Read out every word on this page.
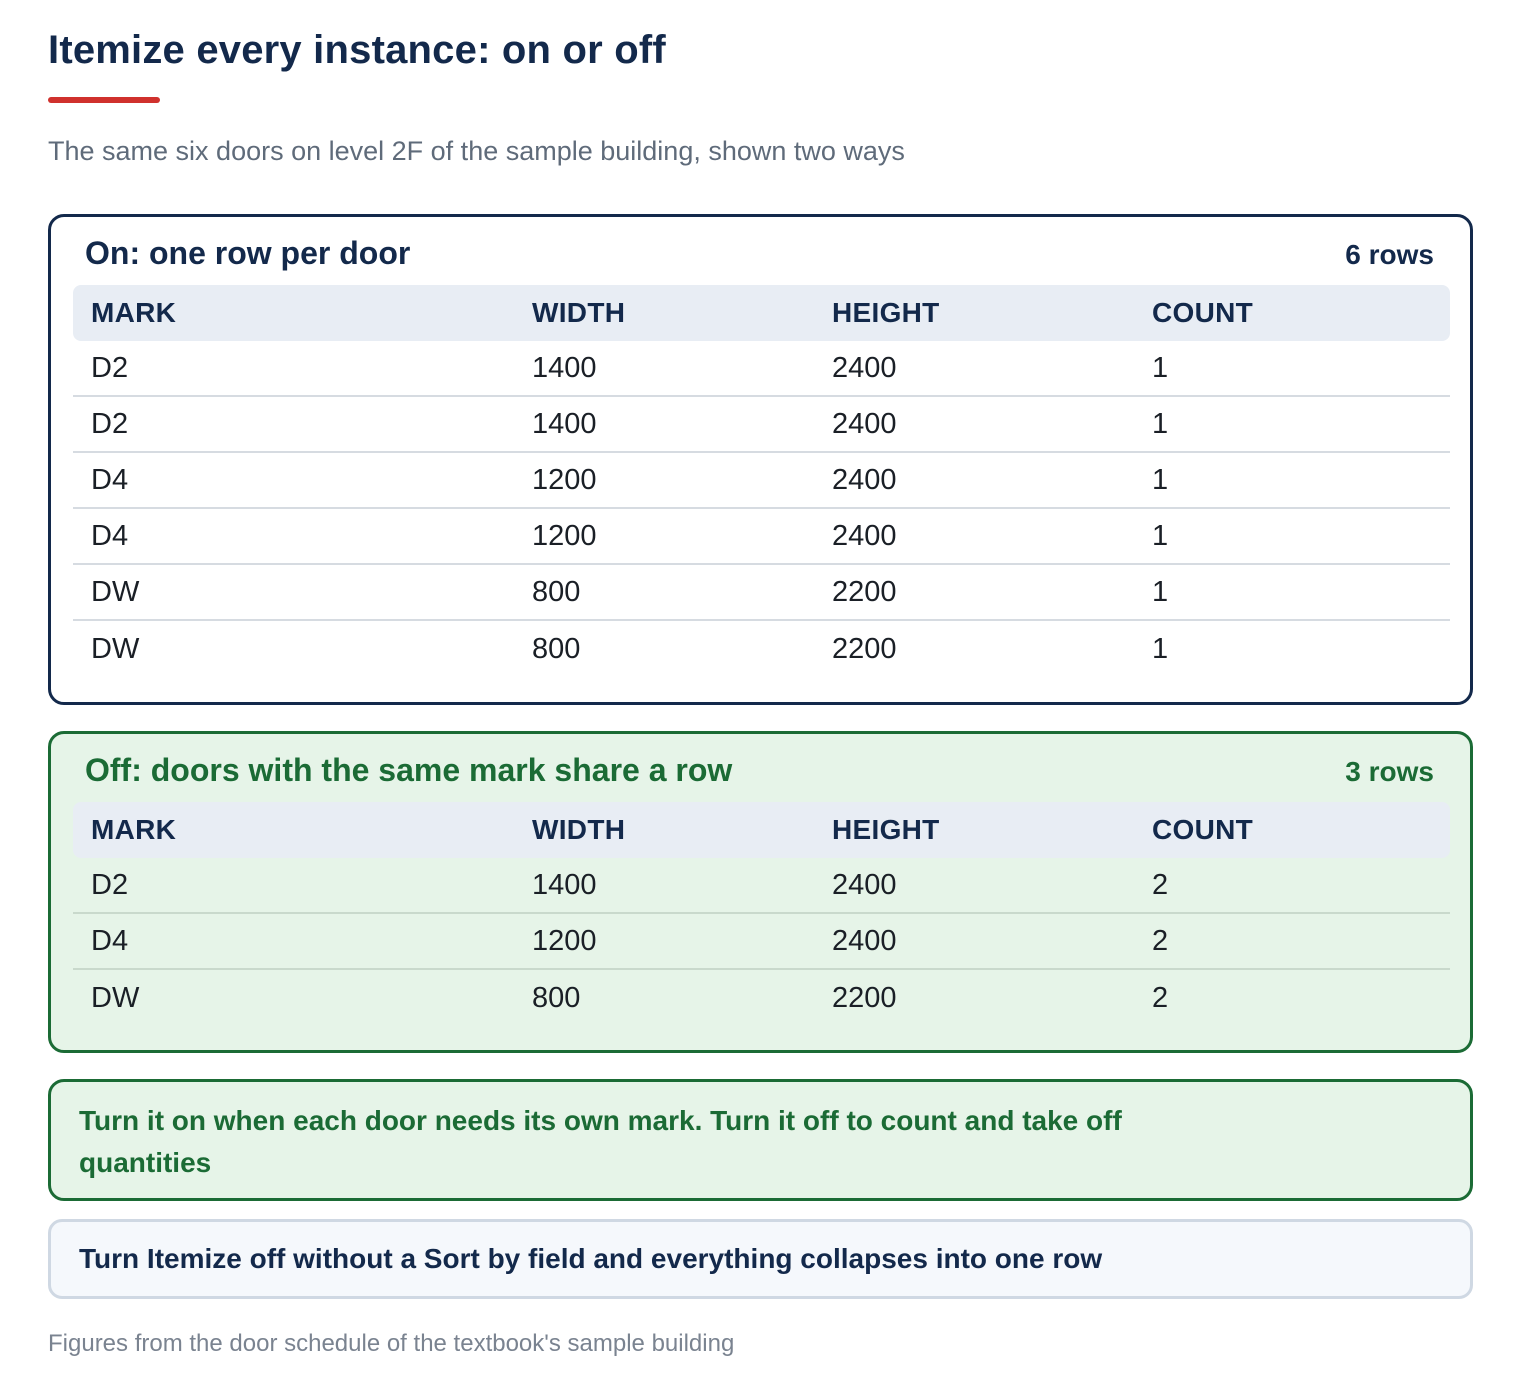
Itemize every instance: on or off

The same six doors on level 2F of the sample building, shown two ways

On: one row per door	6 rows
MARK	WIDTH	HEIGHT	COUNT
D2	1400	2400	1
D2	1400	2400	1
D4	1200	2400	1
D4	1200	2400	1
DW	800	2200	1
DW	800	2200	1
Off: doors with the same mark share a row	3 rows
MARK	WIDTH	HEIGHT	COUNT
D2	1400	2400	2
D4	1200	2400	2
DW	800	2200	2

Turn it on when each door needs its own mark. Turn it off to count and take off quantities

Turn Itemize off without a Sort by field and everything collapses into one row

Figures from the door schedule of the textbook's sample building
